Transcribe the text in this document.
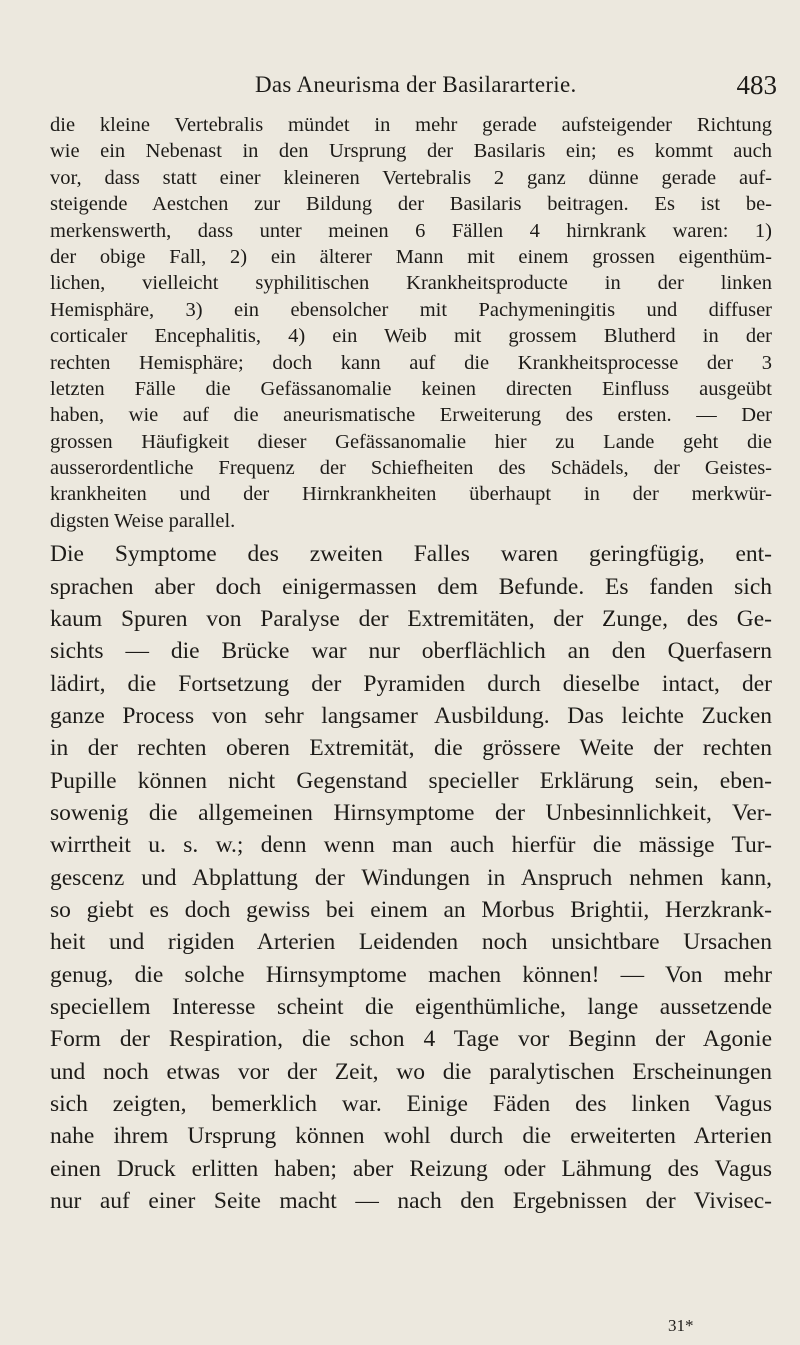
Das Aneurisma der Basilararterie.	483
die kleine Vertebralis mündet in mehr gerade aufsteigender Richtung
wie ein Nebenast in den Ursprung der Basilaris ein; es kommt auch
vor, dass statt einer kleineren Vertebralis 2 ganz dünne gerade auf-
steigende Aestchen zur Bildung der Basilaris beitragen. Es ist be-
merkenswerth, dass unter meinen 6 Fällen 4 hirnkrank waren: 1)
der obige Fall, 2) ein älterer Mann mit einem grossen eigenthüm-
lichen, vielleicht syphilitischen Krankheitsproducte in der linken
Hemisphäre, 3) ein ebensolcher mit Pachymeningitis und diffuser
corticaler Encephalitis, 4) ein Weib mit grossem Blutherd in der
rechten Hemisphäre; doch kann auf die Krankheitsprocesse der 3
letzten Fälle die Gefässanomalie keinen directen Einfluss ausgeübt
haben, wie auf die aneurismatische Erweiterung des ersten. — Der
grossen Häufigkeit dieser Gefässanomalie hier zu Lande geht die
ausserordentliche Frequenz der Schiefheiten des Schädels, der Geistes-
krankheiten und der Hirnkrankheiten überhaupt in der merkwür-
digsten Weise parallel.
Die Symptome des zweiten Falles waren geringfügig, ent-
sprachen aber doch einigermassen dem Befunde. Es fanden sich
kaum Spuren von Paralyse der Extremitäten, der Zunge, des Ge-
sichts — die Brücke war nur oberflächlich an den Querfasern
lädirt, die Fortsetzung der Pyramiden durch dieselbe intact, der
ganze Process von sehr langsamer Ausbildung. Das leichte Zucken
in der rechten oberen Extremität, die grössere Weite der rechten
Pupille können nicht Gegenstand specieller Erklärung sein, eben-
sowenig die allgemeinen Hirnsymptome der Unbesinnlichkeit, Ver-
wirrtheit u. s. w.; denn wenn man auch hierfür die mässige Tur-
gescenz und Abplattung der Windungen in Anspruch nehmen kann,
so giebt es doch gewiss bei einem an Morbus Brightii, Herzkrank-
heit und rigiden Arterien Leidenden noch unsichtbare Ursachen
genug, die solche Hirnsymptome machen können! — Von mehr
speciellem Interesse scheint die eigenthümliche, lange aussetzende
Form der Respiration, die schon 4 Tage vor Beginn der Agonie
und noch etwas vor der Zeit, wo die paralytischen Erscheinungen
sich zeigten, bemerklich war. Einige Fäden des linken Vagus
nahe ihrem Ursprung können wohl durch die erweiterten Arterien
einen Druck erlitten haben; aber Reizung oder Lähmung des Vagus
nur auf einer Seite macht — nach den Ergebnissen der Vivisec-
31*
